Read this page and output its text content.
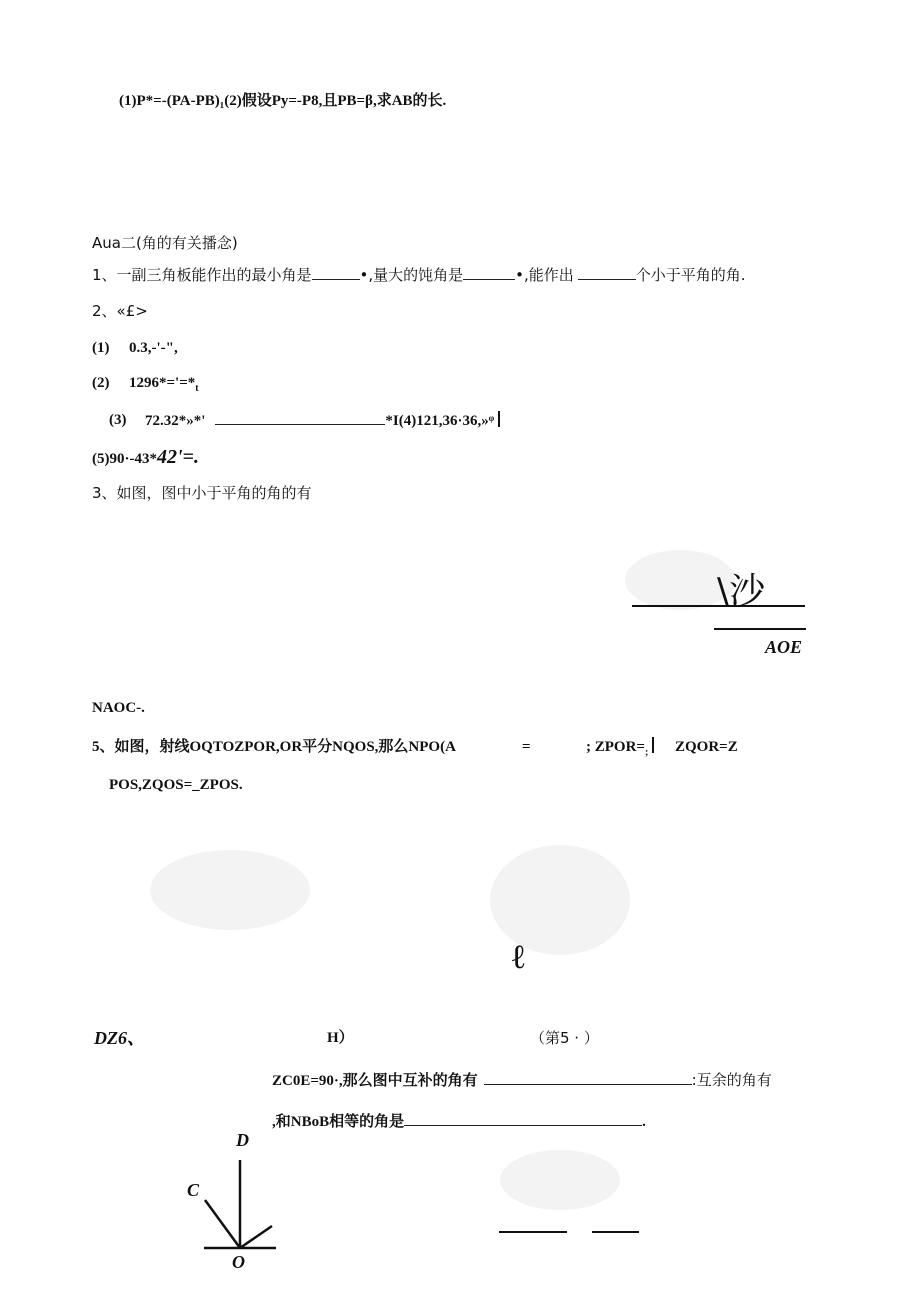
(1)P*=-(PA-PB)₁(2)假设Py=-P8,且PB=β,求AB的长.
Aua二(角的有关播念)
1、一副三角板能作出的最小角是	•,量大的饨角是	•,能作出	个小于平角的角.
2、«£>
(1) 0.3,-'-",
(2) $1296*='=*_t$
(3) 72.32*»*'	*I(4)121,36·36,»ᵠ
(5)90·-43*42'=.
3、如图，图中小于平角的角的有
\沙
AOE
NAOC-.
5、如图，射线OQTOZPOR,OR平分NQOS,那么NPO(A	=	; $ZPOR=_;$	ZQOR=Z
POS,ZQOS=_ZPOS.
ℓ
DZ6、	H）	（第5 · ）
ZC0E=90·,那么图中互补的角有	:互余的角有
,和NBoB相等的角是	.
D
C
O
